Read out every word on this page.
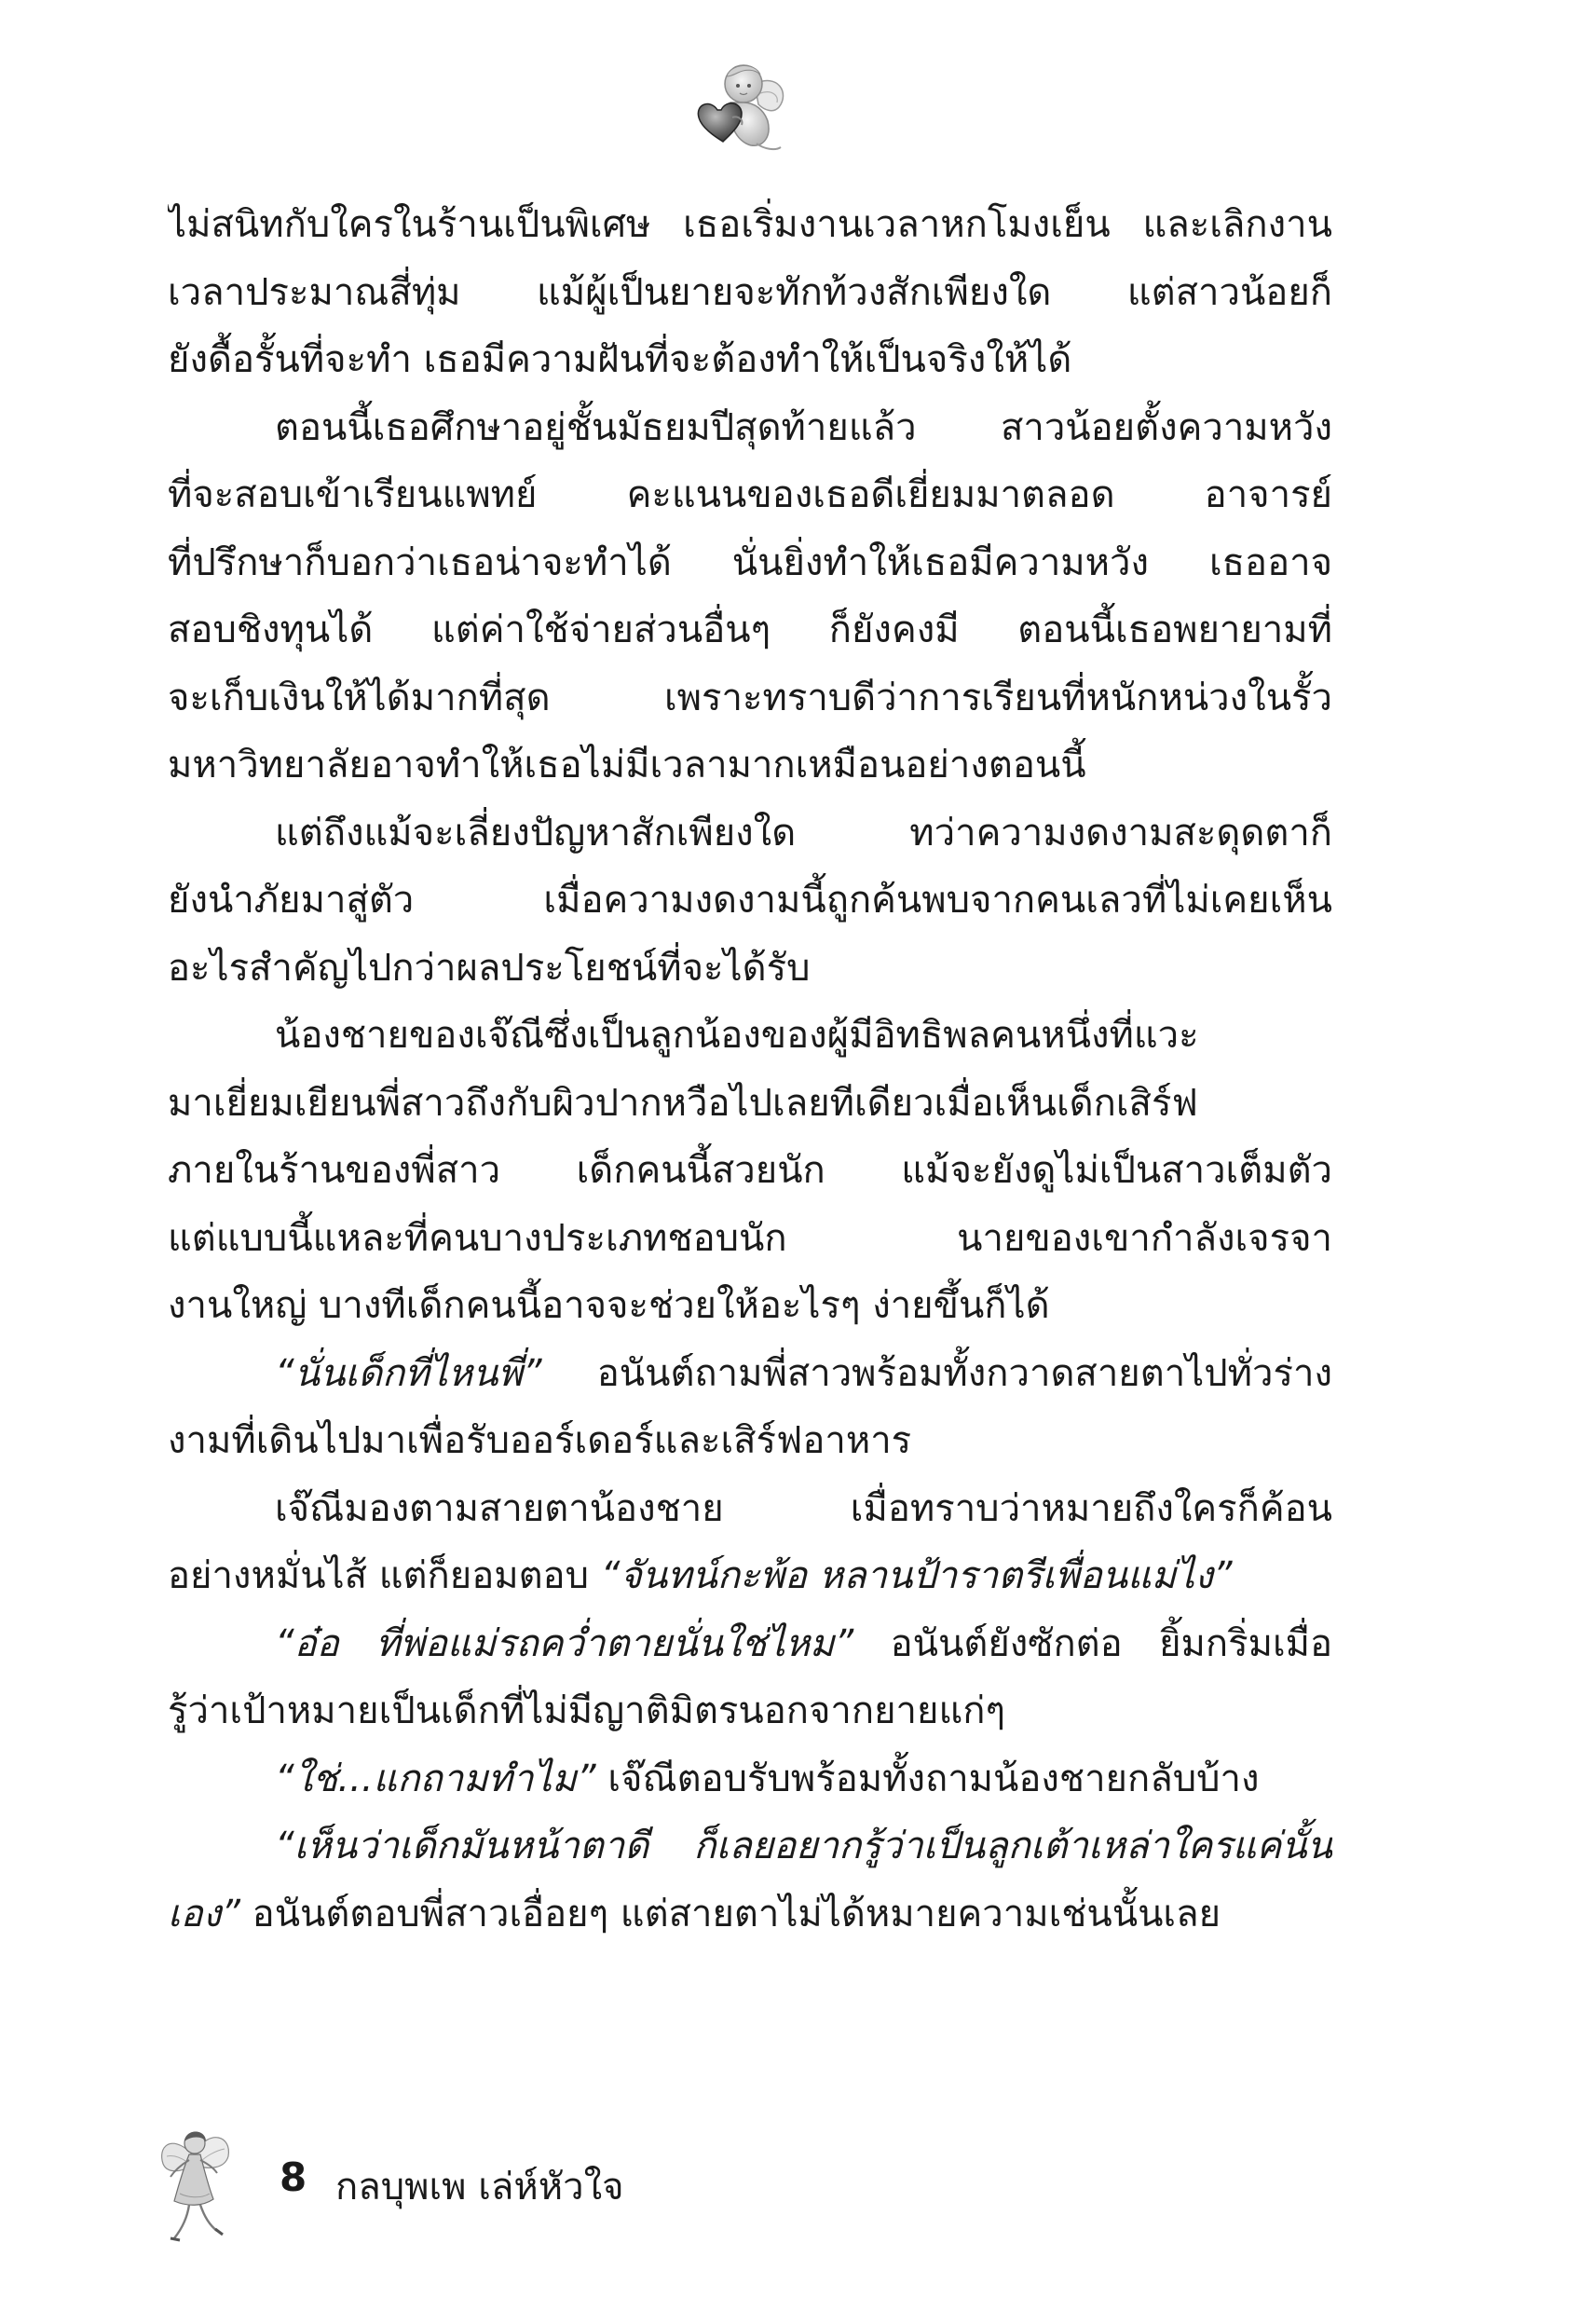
ไม่สนิทกับใครในร้านเป็นพิเศษ เธอเริ่มงานเวลาหกโมงเย็น และเลิกงาน
เวลาประมาณสี่ทุ่ม แม้ผู้เป็นยายจะทักท้วงสักเพียงใด แต่สาวน้อยก็
ยังดื้อรั้นที่จะทำ เธอมีความฝันที่จะต้องทำให้เป็นจริงให้ได้
ตอนนี้เธอศึกษาอยู่ชั้นมัธยมปีสุดท้ายแล้ว สาวน้อยตั้งความหวัง
ที่จะสอบเข้าเรียนแพทย์ คะแนนของเธอดีเยี่ยมมาตลอด อาจารย์
ที่ปรึกษาก็บอกว่าเธอน่าจะทำได้ นั่นยิ่งทำให้เธอมีความหวัง เธออาจ
สอบชิงทุนได้ แต่ค่าใช้จ่ายส่วนอื่นๆ ก็ยังคงมี ตอนนี้เธอพยายามที่
จะเก็บเงินให้ได้มากที่สุด เพราะทราบดีว่าการเรียนที่หนักหน่วงในรั้ว
มหาวิทยาลัยอาจทำให้เธอไม่มีเวลามากเหมือนอย่างตอนนี้
แต่ถึงแม้จะเลี่ยงปัญหาสักเพียงใด ทว่าความงดงามสะดุดตาก็
ยังนำภัยมาสู่ตัว เมื่อความงดงามนี้ถูกค้นพบจากคนเลวที่ไม่เคยเห็น
อะไรสำคัญไปกว่าผลประโยชน์ที่จะได้รับ
น้องชายของเจ๊ณีซึ่งเป็นลูกน้องของผู้มีอิทธิพลคนหนึ่งที่แวะ
มาเยี่ยมเยียนพี่สาวถึงกับผิวปากหวือไปเลยทีเดียวเมื่อเห็นเด็กเสิร์ฟ
ภายในร้านของพี่สาว เด็กคนนี้สวยนัก แม้จะยังดูไม่เป็นสาวเต็มตัว
แต่แบบนี้แหละที่คนบางประเภทชอบนัก นายของเขากำลังเจรจา
งานใหญ่ บางทีเด็กคนนี้อาจจะช่วยให้อะไรๆ ง่ายขึ้นก็ได้
“นั่นเด็กที่ไหนพี่” อนันต์ถามพี่สาวพร้อมทั้งกวาดสายตาไปทั่วร่าง
งามที่เดินไปมาเพื่อรับออร์เดอร์และเสิร์ฟอาหาร
เจ๊ณีมองตามสายตาน้องชาย เมื่อทราบว่าหมายถึงใครก็ค้อน
อย่างหมั่นไส้ แต่ก็ยอมตอบ “จันทน์กะพ้อ หลานป้าราตรีเพื่อนแม่ไง”
“อ๋อ ที่พ่อแม่รถคว่ำตายนั่นใช่ไหม” อนันต์ยังซักต่อ ยิ้มกริ่มเมื่อ
รู้ว่าเป้าหมายเป็นเด็กที่ไม่มีญาติมิตรนอกจากยายแก่ๆ
“ใช่...แกถามทำไม” เจ๊ณีตอบรับพร้อมทั้งถามน้องชายกลับบ้าง
“เห็นว่าเด็กมันหน้าตาดี ก็เลยอยากรู้ว่าเป็นลูกเต้าเหล่าใครแค่นั้น
เอง” อนันต์ตอบพี่สาวเอื่อยๆ แต่สายตาไม่ได้หมายความเช่นนั้นเลย
8 กลบุพเพ เล่ห์หัวใจ
